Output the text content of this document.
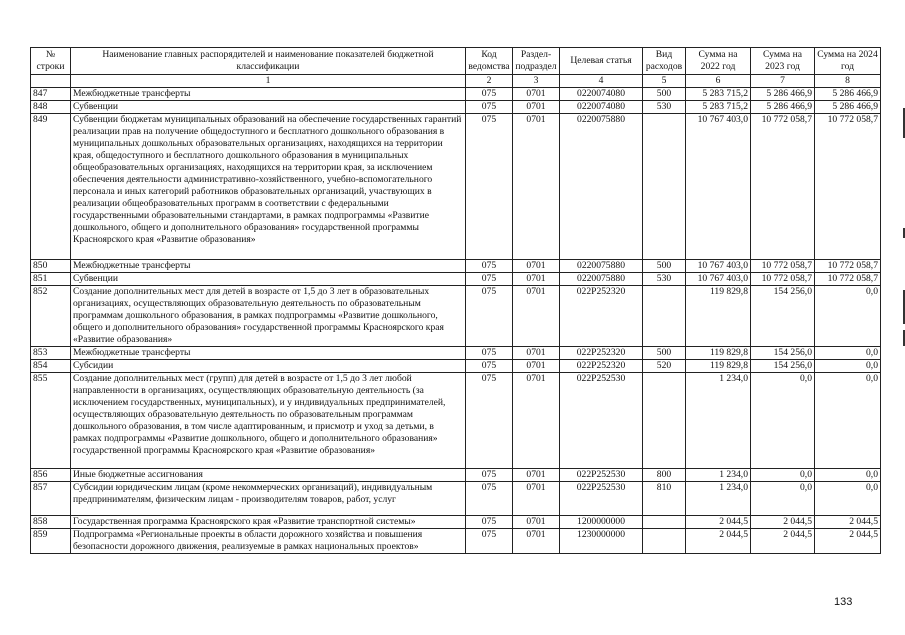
№ строки	Наименование главных распорядителей и наименование показателей бюджетной классификации	Код ведомства	Раздел-подраздел	Целевая статья	Вид расходов	Сумма на 2022 год	Сумма на 2023 год	Сумма на 2024 год
	1	2	3	4	5	6	7	8
847	Межбюджетные трансферты	075	0701	0220074080	500	5 283 715,2	5 286 466,9	5 286 466,9
848	Субвенции	075	0701	0220074080	530	5 283 715,2	5 286 466,9	5 286 466,9
849	Субвенции бюджетам муниципальных образований на обеспечение государственных гарантий реализации прав на получение общедоступного и бесплатного дошкольного образования в муниципальных дошкольных образовательных организациях, находящихся на территории края, общедоступного и бесплатного дошкольного образования в муниципальных общеобразовательных организациях, находящихся на территории края, за исключением обеспечения деятельности административно-хозяйственного, учебно-вспомогательного персонала и иных категорий работников образовательных организаций, участвующих в реализации общеобразовательных программ в соответствии с федеральными государственными образовательными стандартами, в рамках подпрограммы «Развитие дошкольного, общего и дополнительного образования» государственной программы Красноярского края «Развитие образования»	075	0701	0220075880		10 767 403,0	10 772 058,7	10 772 058,7
850	Межбюджетные трансферты	075	0701	0220075880	500	10 767 403,0	10 772 058,7	10 772 058,7
851	Субвенции	075	0701	0220075880	530	10 767 403,0	10 772 058,7	10 772 058,7
852	Создание дополнительных мест для детей в возрасте от 1,5 до 3 лет в образовательных организациях, осуществляющих образовательную деятельность по образовательным программам дошкольного образования, в рамках подпрограммы «Развитие дошкольного, общего и дополнительного образования» государственной программы Красноярского края «Развитие образования»	075	0701	022P252320		119 829,8	154 256,0	0,0
853	Межбюджетные трансферты	075	0701	022P252320	500	119 829,8	154 256,0	0,0
854	Субсидии	075	0701	022P252320	520	119 829,8	154 256,0	0,0
855	Создание дополнительных мест (групп) для детей в возрасте от 1,5 до 3 лет любой направленности в организациях, осуществляющих образовательную деятельность (за исключением государственных, муниципальных), и у индивидуальных предпринимателей, осуществляющих образовательную деятельность по образовательным программам дошкольного образования, в том числе адаптированным, и присмотр и уход за детьми, в рамках подпрограммы «Развитие дошкольного, общего и дополнительного образования» государственной программы Красноярского края «Развитие образования»	075	0701	022P252530		1 234,0	0,0	0,0
856	Иные бюджетные ассигнования	075	0701	022P252530	800	1 234,0	0,0	0,0
857	Субсидии юридическим лицам (кроме некоммерческих организаций), индивидуальным предпринимателям, физическим лицам - производителям товаров, работ, услуг	075	0701	022P252530	810	1 234,0	0,0	0,0
858	Государственная программа Красноярского края «Развитие транспортной системы»	075	0701	1200000000		2 044,5	2 044,5	2 044,5
859	Подпрограмма «Региональные проекты в области дорожного хозяйства и повышения безопасности дорожного движения, реализуемые в рамках национальных проектов»	075	0701	1230000000		2 044,5	2 044,5	2 044,5
133
